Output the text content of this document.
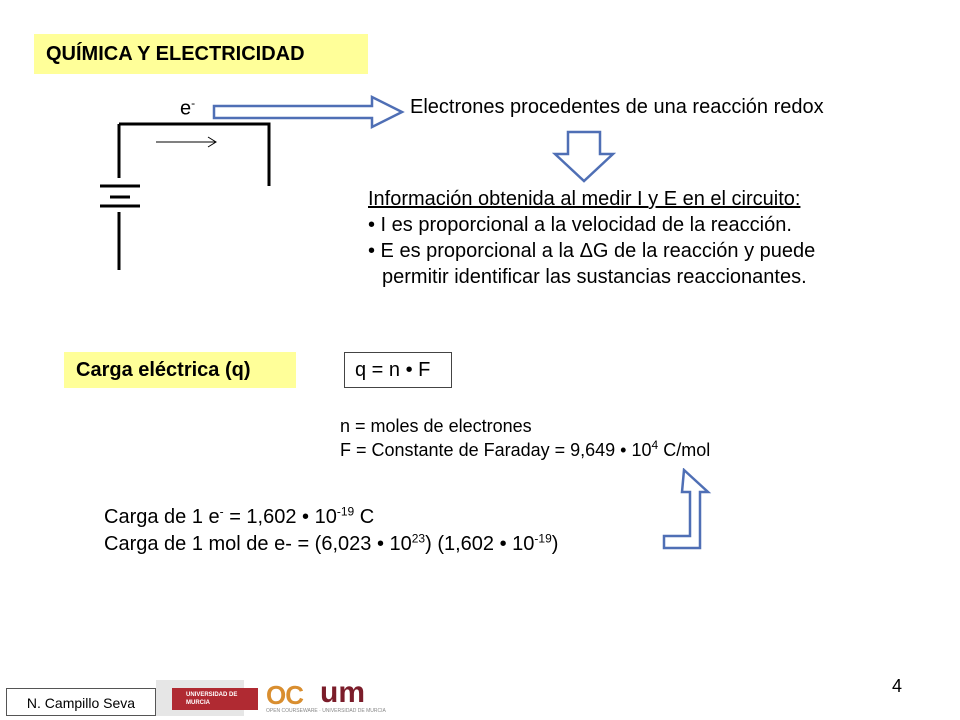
QUÍMICA Y ELECTRICIDAD
e-	Electrones procedentes de una reacción redox
Información obtenida al medir I y E en el circuito:
• I es proporcional a la velocidad de la reacción.
• E es proporcional a la ΔG de la reacción y puede
permitir identificar las sustancias reaccionantes.
Carga eléctrica (q)	q = n • F
n = moles de electrones
F = Constante de Faraday = 9,649 • $10^4$ C/mol
Carga de 1 e- = 1,602 • $10^{-19}$ C
Carga de 1 mol de e- = (6,023 • $10^{23}$) (1,602 • $10^{-19}$)
N. Campillo Seva	UNIVERSIDAD DE MURCIA	OC um
OPEN COURSEWARE · UNIVERSIDAD DE MURCIA
4
